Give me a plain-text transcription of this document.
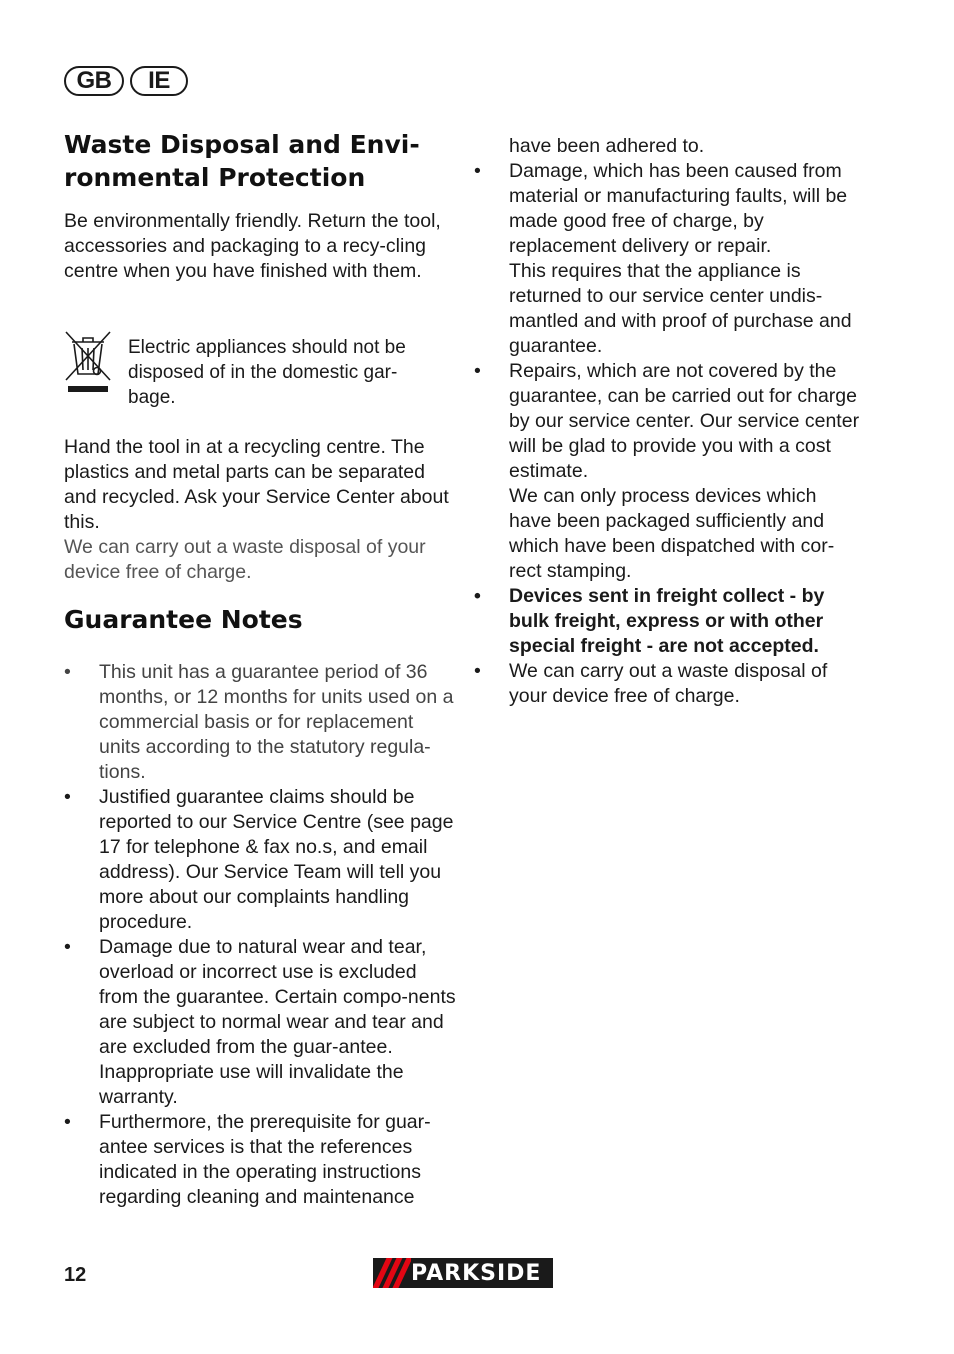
GB	IE
Waste Disposal and Envi-
ronmental Protection

Be environmentally friendly. Return the tool, accessories and packaging to a recy-cling centre when you have finished with them.

Electric appliances should not be disposed of in the domestic gar-bage.

Hand the tool in at a recycling centre. The plastics and metal parts can be separated and recycled. Ask your Service Center about this.

We can carry out a waste disposal of your device free of charge.

Guarantee Notes
• This unit has a guarantee period of 36 months, or 12 months for units used on a commercial basis or for replacement units according to the statutory regula-tions.
• Justified guarantee claims should be reported to our Service Centre (see page 17 for telephone & fax no.s, and email address). Our Service Team will tell you more about our complaints handling procedure.
• Damage due to natural wear and tear, overload or incorrect use is excluded from the guarantee. Certain compo-nents are subject to normal wear and tear and are excluded from the guar-antee. Inappropriate use will invalidate the warranty.
• Furthermore, the prerequisite for guar-antee services is that the references indicated in the operating instructions regarding cleaning and maintenance

have been adhered to.

• Damage, which has been caused from material or manufacturing faults, will be made good free of charge, by replacement delivery or repair.
This requires that the appliance is returned to our service center undis-mantled and with proof of purchase and guarantee.
• Repairs, which are not covered by the guarantee, can be carried out for charge by our service center. Our service center will be glad to provide you with a cost estimate.
We can only process devices which have been packaged sufficiently and which have been dispatched with cor-rect stamping.
• Devices sent in freight collect - by bulk freight, express or with other special freight - are not accepted.
• We can carry out a waste disposal of your device free of charge.
12	PARKSIDE
